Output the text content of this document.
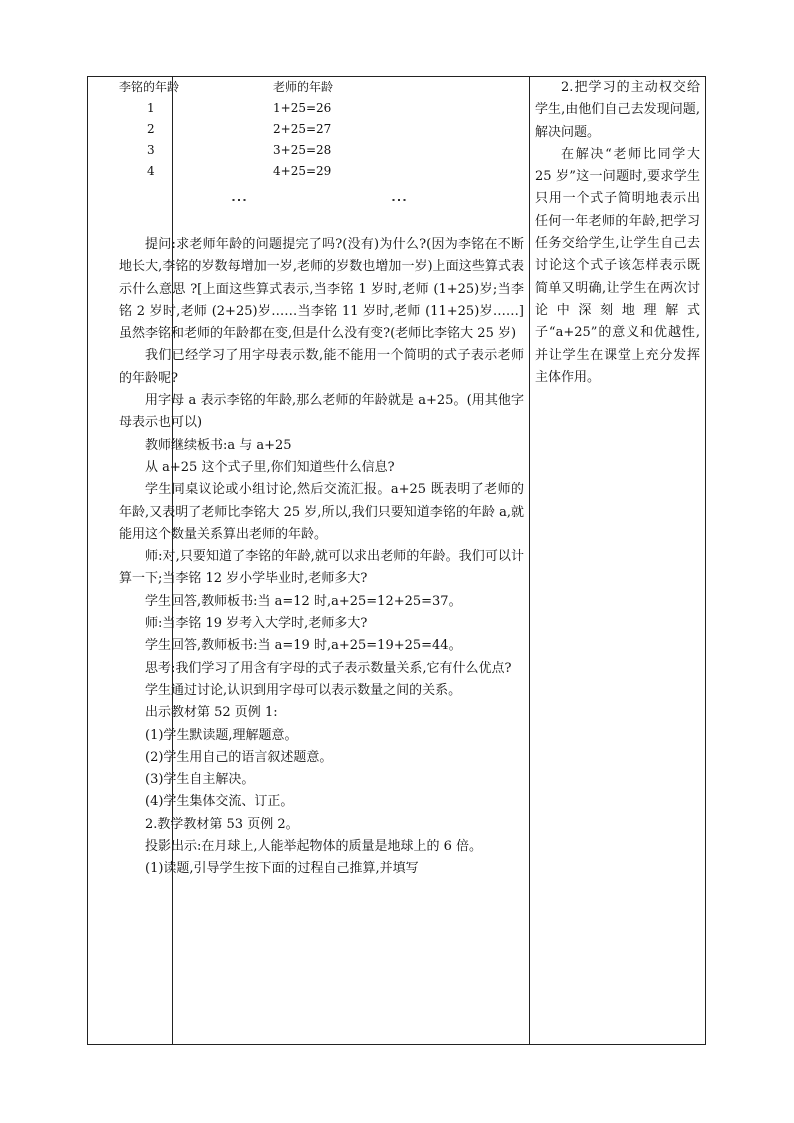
李铭的年龄	老师的年龄
1	1+25=26
2	2+25=27
3	3+25=28
4	4+25=29
⋮	⋮

提问:求老师年龄的问题提完了吗?(没有)为什么?(因为李铭在不断地长大,李铭的岁数每增加一岁,老师的岁数也增加一岁)上面这些算式表示什么意思 ?[上面这些算式表示,当李铭 1 岁时,老师 (1+25)岁;当李铭 2 岁时,老师 (2+25)岁……当李铭 11 岁时,老师 (11+25)岁……]虽然李铭和老师的年龄都在变,但是什么没有变?(老师比李铭大 25 岁)

我们已经学习了用字母表示数,能不能用一个简明的式子表示老师的年龄呢?

用字母 a 表示李铭的年龄,那么老师的年龄就是 a+25。(用其他字母表示也可以)

教师继续板书:a 与 a+25

从 a+25 这个式子里,你们知道些什么信息?

学生同桌议论或小组讨论,然后交流汇报。a+25 既表明了老师的年龄,又表明了老师比李铭大 25 岁,所以,我们只要知道李铭的年龄 a,就能用这个数量关系算出老师的年龄。

师:对,只要知道了李铭的年龄,就可以求出老师的年龄。我们可以计算一下;当李铭 12 岁小学毕业时,老师多大?

学生回答,教师板书:当 a=12 时,a+25=12+25=37。

师:当李铭 19 岁考入大学时,老师多大?

学生回答,教师板书:当 a=19 时,a+25=19+25=44。

思考:我们学习了用含有字母的式子表示数量关系,它有什么优点?

学生通过讨论,认识到用字母可以表示数量之间的关系。

出示教材第 52 页例 1:

(1)学生默读题,理解题意。

(2)学生用自己的语言叙述题意。

(3)学生自主解决。

(4)学生集体交流、订正。

2.教学教材第 53 页例 2。

投影出示:在月球上,人能举起物体的质量是地球上的 6 倍。

(1)读题,引导学生按下面的过程自己推算,并填写

2.把学习的主动权交给学生,由他们自己去发现问题,解决问题。

在解决“老师比同学大 25 岁”这一问题时,要求学生只用一个式子简明地表示出任何一年老师的年龄,把学习任务交给学生,让学生自己去讨论这个式子该怎样表示既简单又明确,让学生在两次讨论中深刻地理解式子“a+25”的意义和优越性,并让学生在课堂上充分发挥主体作用。
